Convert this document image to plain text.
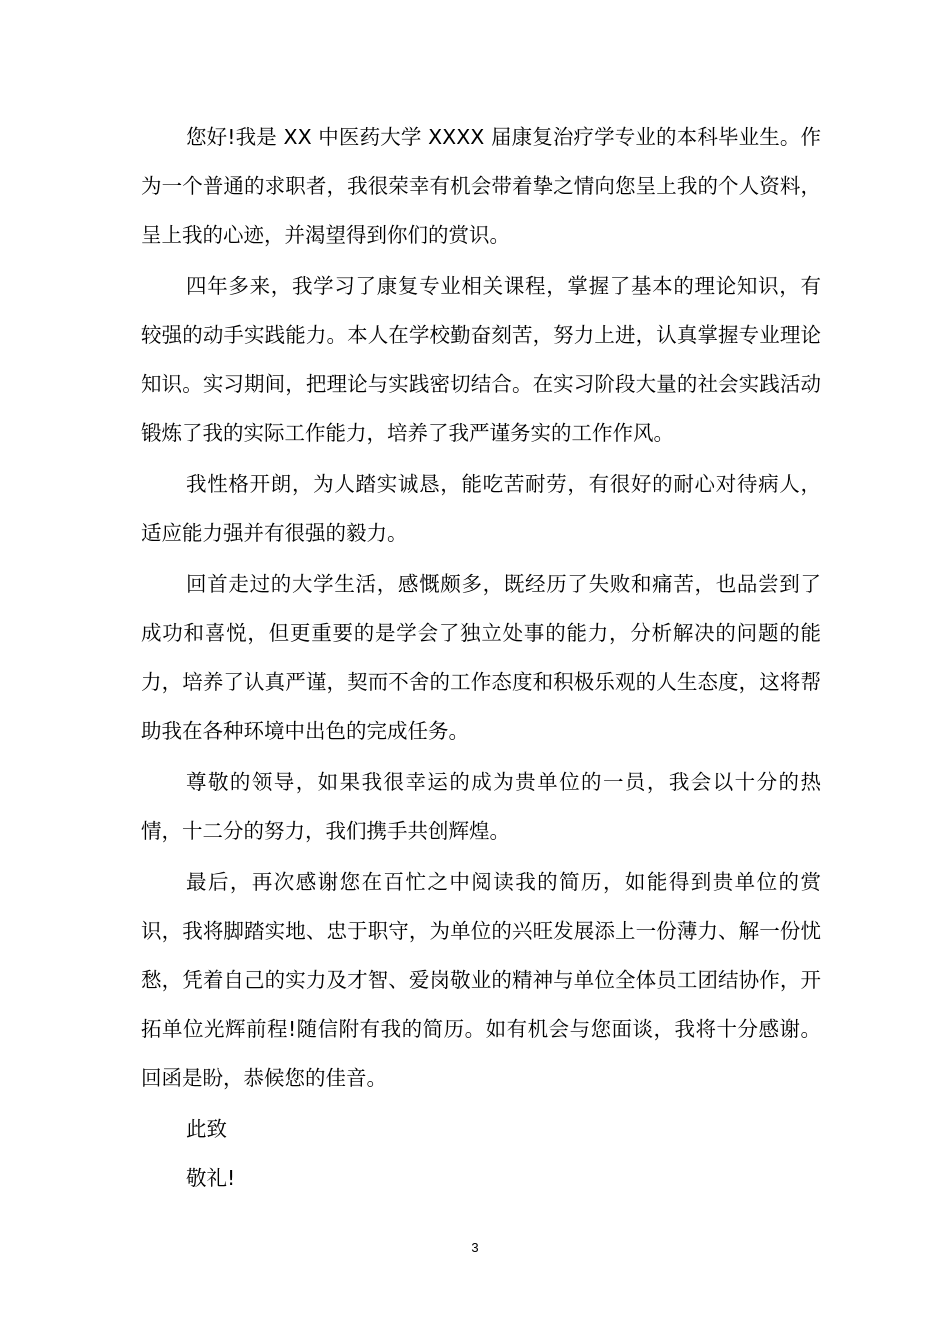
您好!我是 XX 中医药大学 XXXX 届康复治疗学专业的本科毕业生。作为一个普通的求职者，我很荣幸有机会带着挚之情向您呈上我的个人资料，呈上我的心迹，并渴望得到你们的赏识。

四年多来，我学习了康复专业相关课程，掌握了基本的理论知识，有较强的动手实践能力。本人在学校勤奋刻苦，努力上进，认真掌握专业理论知识。实习期间，把理论与实践密切结合。在实习阶段大量的社会实践活动锻炼了我的实际工作能力，培养了我严谨务实的工作作风。

我性格开朗，为人踏实诚恳，能吃苦耐劳，有很好的耐心对待病人，适应能力强并有很强的毅力。

回首走过的大学生活，感慨颇多，既经历了失败和痛苦，也品尝到了成功和喜悦，但更重要的是学会了独立处事的能力，分析解决的问题的能力，培养了认真严谨，契而不舍的工作态度和积极乐观的人生态度，这将帮助我在各种环境中出色的完成任务。

尊敬的领导，如果我很幸运的成为贵单位的一员，我会以十分的热情，十二分的努力，我们携手共创辉煌。

最后，再次感谢您在百忙之中阅读我的简历，如能得到贵单位的赏识，我将脚踏实地、忠于职守，为单位的兴旺发展添上一份薄力、解一份忧愁，凭着自己的实力及才智、爱岗敬业的精神与单位全体员工团结协作，开拓单位光辉前程!随信附有我的简历。如有机会与您面谈，我将十分感谢。回函是盼，恭候您的佳音。

此致

敬礼!

3
